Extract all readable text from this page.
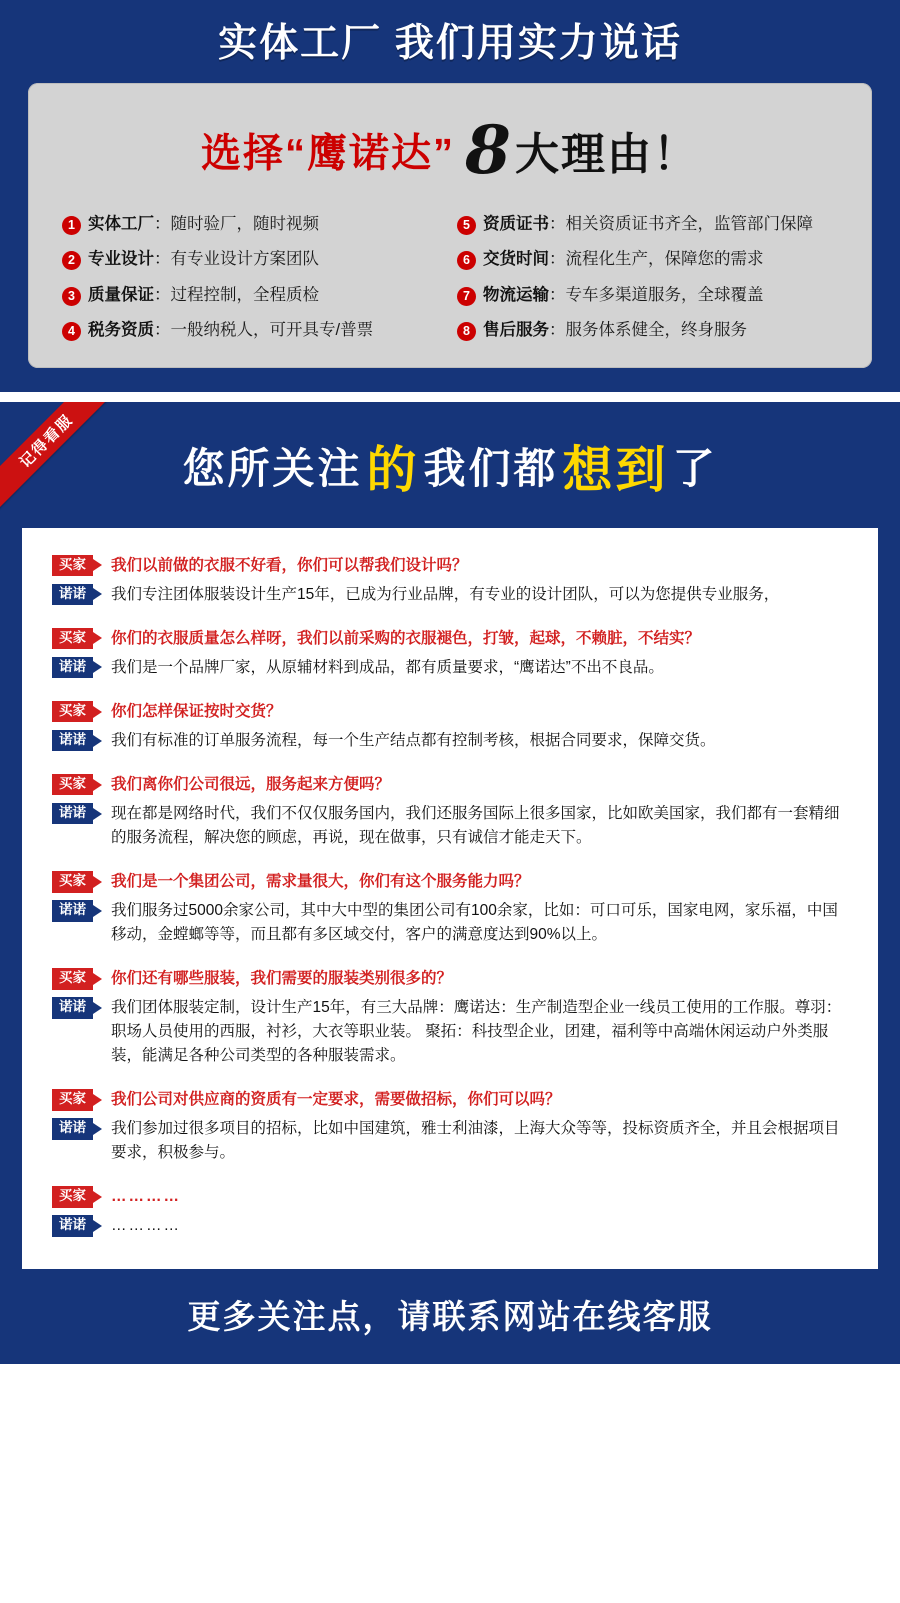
实体工厂 我们用实力说话
选择“鹰诺达” 8大理由！
1 实体工厂：随时验厂，随时视频	5 资质证书：相关资质证书齐全，监管部门保障
2 专业设计：有专业设计方案团队	6 交货时间：流程化生产，保障您的需求
3 质量保证：过程控制，全程质检	7 物流运输：专车多渠道服务，全球覆盖
4 税务资质：一般纳税人，可开具专/普票	8 售后服务：服务体系健全，终身服务
记得看服	您所关注的我们都想到了
买家	我们以前做的衣服不好看，你们可以帮我们设计吗？
诺诺	我们专注团体服装设计生产15年，已成为行业品牌，有专业的设计团队，可以为您提供专业服务，
买家	你们的衣服质量怎么样呀，我们以前采购的衣服褪色，打皱，起球，不赖脏，不结实？
诺诺	我们是一个品牌厂家，从原辅材料到成品，都有质量要求，“鹰诺达”不出不良品。
买家	你们怎样保证按时交货？
诺诺	我们有标准的订单服务流程，每一个生产结点都有控制考核，根据合同要求，保障交货。
买家	我们离你们公司很远，服务起来方便吗？
诺诺	现在都是网络时代，我们不仅仅服务国内，我们还服务国际上很多国家，比如欧美国家，我们都有一套精细的服务流程，解决您的顾虑，再说，现在做事，只有诚信才能走天下。
买家	我们是一个集团公司，需求量很大，你们有这个服务能力吗？
诺诺	我们服务过5000余家公司，其中大中型的集团公司有100余家，比如：可口可乐，国家电网，家乐福，中国移动，金螳螂等等，而且都有多区域交付，客户的满意度达到90%以上。
买家	你们还有哪些服装，我们需要的服装类别很多的？
诺诺	我们团体服装定制，设计生产15年，有三大品牌：鹰诺达：生产制造型企业一线员工使用的工作服。尊羽：职场人员使用的西服，衬衫，大衣等职业装。 聚拓：科技型企业，团建，福利等中高端休闲运动户外类服装，能满足各种公司类型的各种服装需求。
买家	我们公司对供应商的资质有一定要求，需要做招标，你们可以吗？
诺诺	我们参加过很多项目的招标，比如中国建筑，雅士利油漆，上海大众等等，投标资质齐全，并且会根据项目要求，积极参与。
买家	…………
诺诺	…………
更多关注点，请联系网站在线客服
